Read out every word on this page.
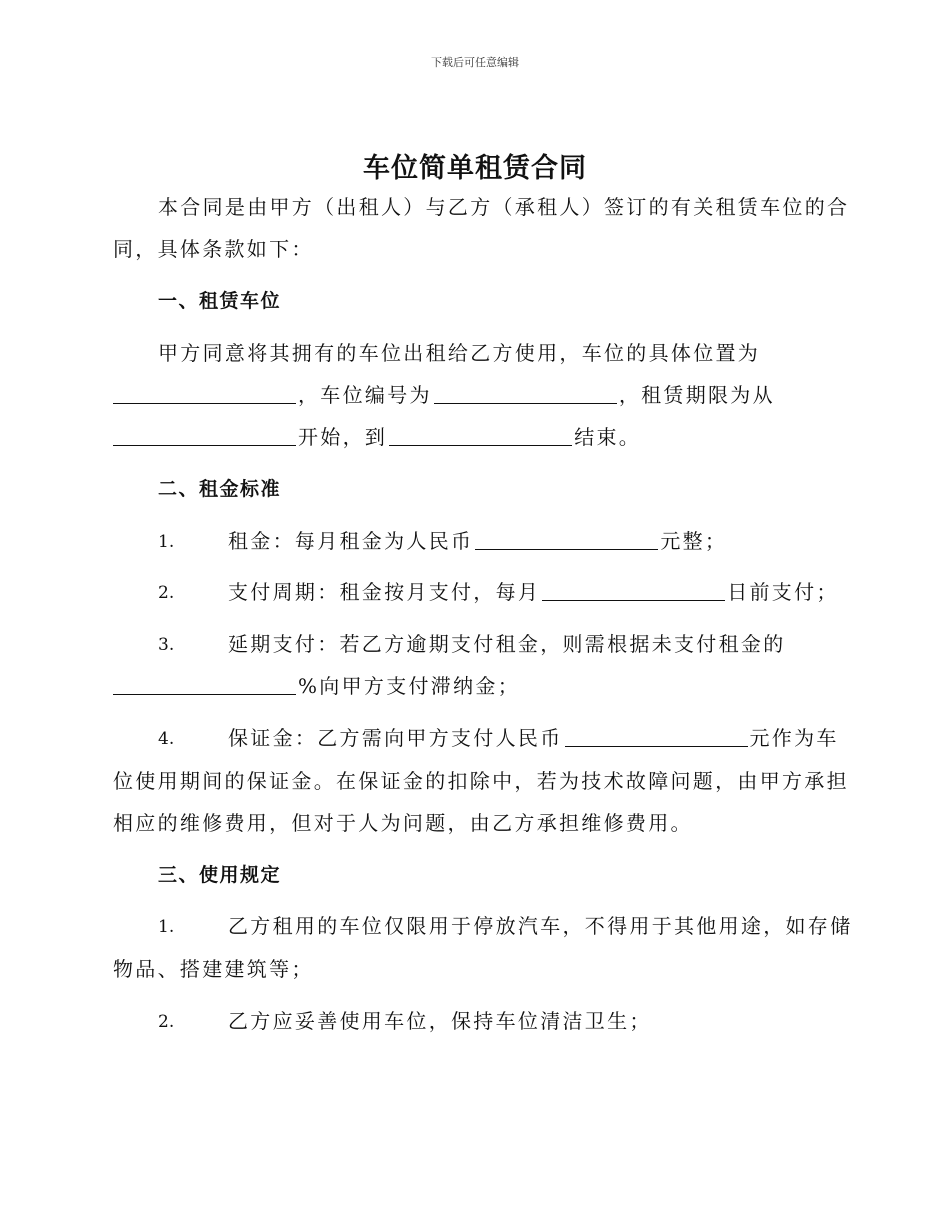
下载后可任意编辑
车位简单租赁合同
本合同是由甲方（出租人）与乙方（承租人）签订的有关租赁车位的合
同，具体条款如下：
一、租赁车位
甲方同意将其拥有的车位出租给乙方使用，车位的具体位置为
，车位编号为	，租赁期限为从
开始，到	结束。
二、租金标准
1.	租金：每月租金为人民币	元整；
2.	支付周期：租金按月支付，每月	日前支付；
3.	延期支付：若乙方逾期支付租金，则需根据未支付租金的
%向甲方支付滞纳金；
4.	保证金：乙方需向甲方支付人民币	元作为车
位使用期间的保证金。在保证金的扣除中，若为技术故障问题，由甲方承担
相应的维修费用，但对于人为问题，由乙方承担维修费用。
三、使用规定
1.	乙方租用的车位仅限用于停放汽车，不得用于其他用途，如存储
物品、搭建建筑等；
2.	乙方应妥善使用车位，保持车位清洁卫生；
